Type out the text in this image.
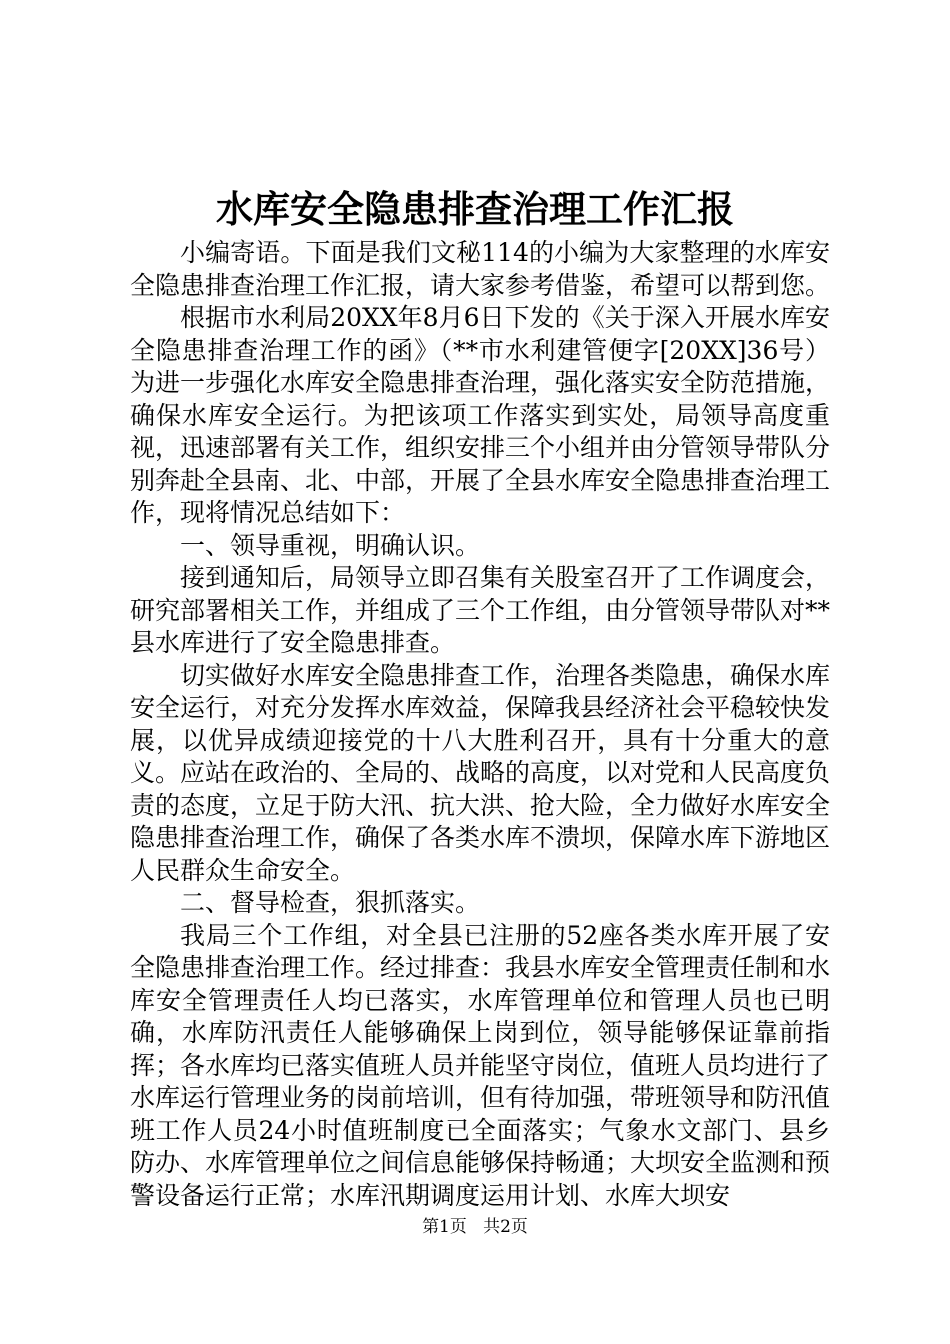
水库安全隐患排查治理工作汇报

小编寄语。下面是我们文秘114的小编为大家整理的水库安全隐患排查治理工作汇报，请大家参考借鉴，希望可以帮到您。

根据市水利局20XX年8月6日下发的《关于深入开展水库安全隐患排查治理工作的函》（**市水利建管便字[20XX]36号）为进一步强化水库安全隐患排查治理，强化落实安全防范措施，确保水库安全运行。为把该项工作落实到实处，局领导高度重视，迅速部署有关工作，组织安排三个小组并由分管领导带队分别奔赴全县南、北、中部，开展了全县水库安全隐患排查治理工作，现将情况总结如下：

一、领导重视，明确认识。

接到通知后，局领导立即召集有关股室召开了工作调度会，研究部署相关工作，并组成了三个工作组，由分管领导带队对**县水库进行了安全隐患排查。

切实做好水库安全隐患排查工作，治理各类隐患，确保水库安全运行，对充分发挥水库效益，保障我县经济社会平稳较快发展，以优异成绩迎接党的十八大胜利召开，具有十分重大的意义。应站在政治的、全局的、战略的高度，以对党和人民高度负责的态度，立足于防大汛、抗大洪、抢大险，全力做好水库安全隐患排查治理工作，确保了各类水库不溃坝，保障水库下游地区人民群众生命安全。

二、督导检查，狠抓落实。

我局三个工作组，对全县已注册的52座各类水库开展了安全隐患排查治理工作。经过排查：我县水库安全管理责任制和水库安全管理责任人均已落实，水库管理单位和管理人员也已明确，水库防汛责任人能够确保上岗到位，领导能够保证靠前指挥；各水库均已落实值班人员并能坚守岗位，值班人员均进行了水库运行管理业务的岗前培训，但有待加强，带班领导和防汛值班工作人员24小时值班制度已全面落实；气象水文部门、县乡防办、水库管理单位之间信息能够保持畅通；大坝安全监测和预警设备运行正常；水库汛期调度运用计划、水库大坝安

第1页 共2页
